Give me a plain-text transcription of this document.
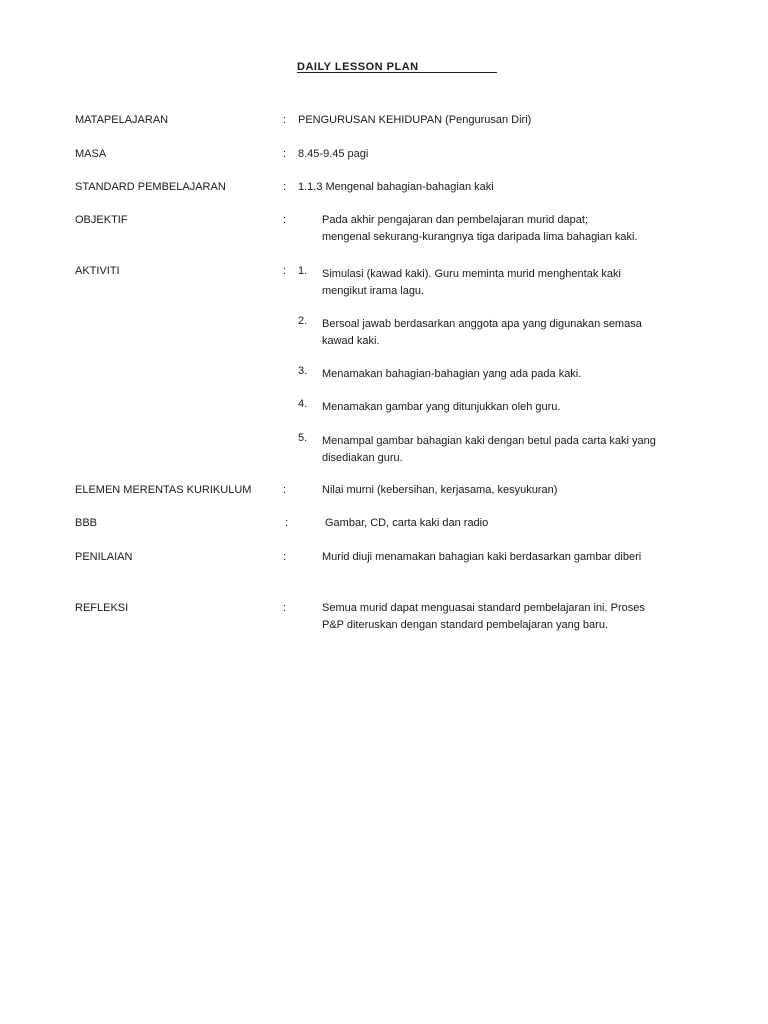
DAILY LESSON PLAN
MATAPELAJARAN	: PENGURUSAN KEHIDUPAN (Pengurusan Diri)
MASA	: 8.45-9.45 pagi
STANDARD PEMBELAJARAN	: 1.1.3 Mengenal bahagian-bahagian kaki
OBJEKTIF	:	Pada akhir pengajaran dan pembelajaran murid dapat;
mengenal sekurang-kurangnya tiga daripada lima bahagian kaki.
AKTIVITI	: 1. Simulasi (kawad kaki). Guru meminta murid menghentak kaki
mengikut irama lagu.
2. Bersoal jawab berdasarkan anggota apa yang digunakan semasa
kawad kaki.
3. Menamakan bahagian-bahagian yang ada pada kaki.
4. Menamakan gambar yang ditunjukkan oleh guru.
5. Menampal gambar bahagian kaki dengan betul pada carta kaki yang
disediakan guru.
ELEMEN MERENTAS KURIKULUM	:	Nilai murni (kebersihan, kerjasama, kesyukuran)
BBB	:	Gambar, CD, carta kaki dan radio
PENILAIAN	:	Murid diuji menamakan bahagian kaki berdasarkan gambar diberi
REFLEKSI	:	Semua murid dapat menguasai standard pembelajaran ini. Proses
P&P diteruskan dengan standard pembelajaran yang baru.
